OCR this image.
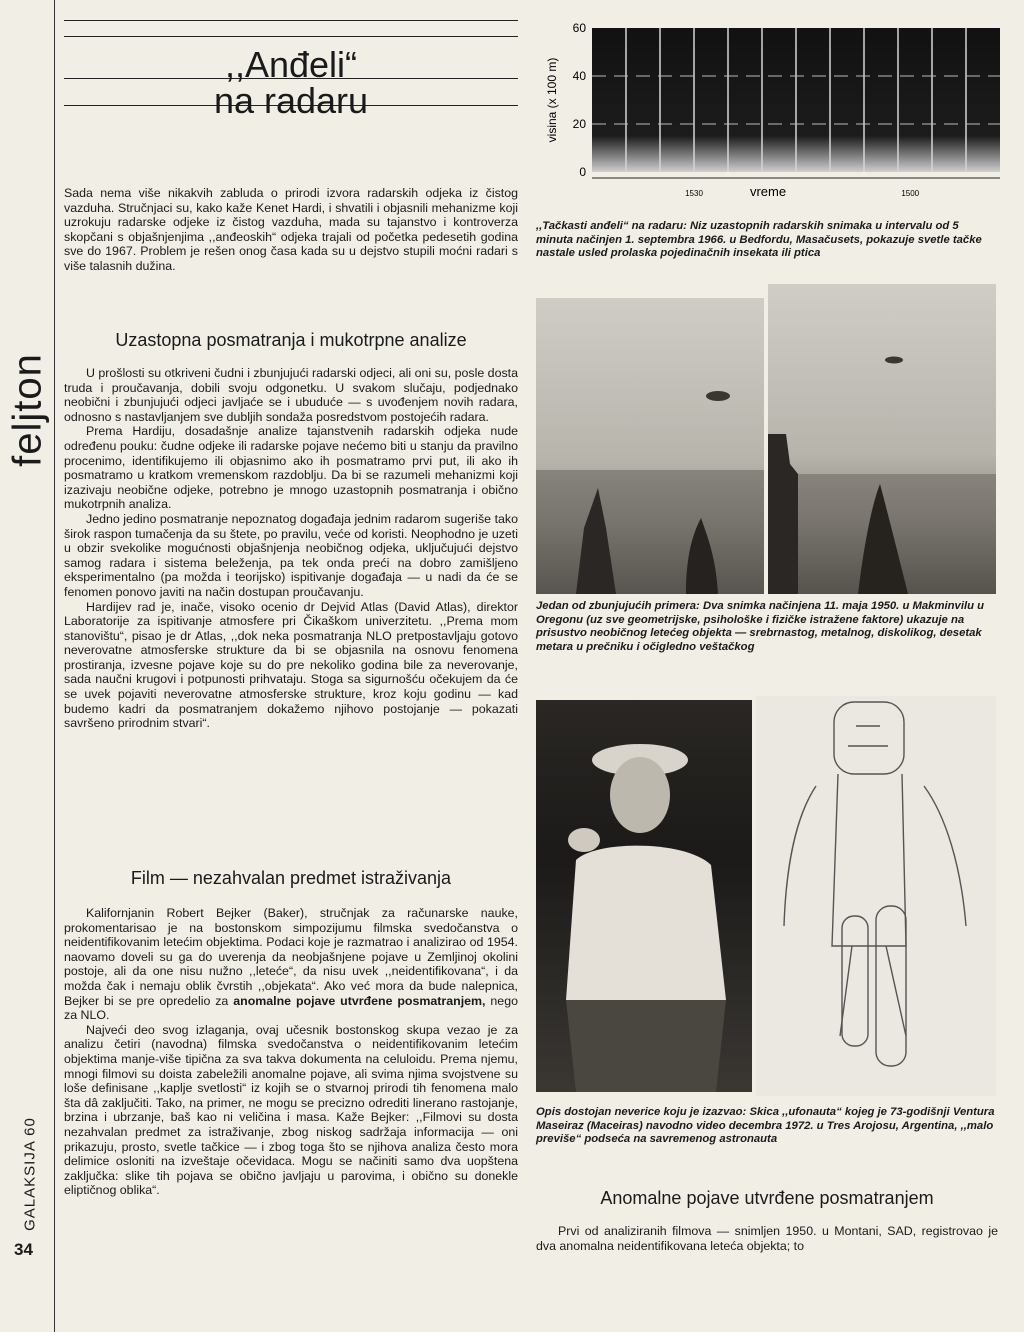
feljton
GALAKSIJA 60
34
,,Anđeli“
na radaru
Sada nema više nikakvih zabluda o prirodi izvora radarskih odjeka iz čistog vazduha. Stručnjaci su, kako kaže Kenet Hardi, i shvatili i objasnili mehanizme koji uzrokuju radarske odjeke iz čistog vazduha, mada su tajanstvo i kontroverza skopčani s objašnjenjima ,,anđeoskih“ odjeka trajali od početka pedesetih godina sve do 1967. Problem je rešen onog časa kada su u dejstvo stupili moćni radari s više talasnih dužina.
Uzastopna posmatranja i mukotrpne analize
U prošlosti su otkriveni čudni i zbunjujući radarski odjeci, ali oni su, posle dosta truda i proučavanja, dobili svoju odgonetku. U svakom slučaju, podjednako neobični i zbunjujući odjeci javljaće se i ubuduće — s uvođenjem novih radara, odnosno s nastavljanjem sve dubljih sondaža posredstvom postojećih radara.
Prema Hardiju, dosadašnje analize tajanstvenih radarskih odjeka nude određenu pouku: čudne odjeke ili radarske pojave nećemo biti u stanju da pravilno procenimo, identifikujemo ili objasnimo ako ih posmatramo prvi put, ili ako ih posmatramo u kratkom vremenskom razdoblju. Da bi se razumeli mehanizmi koji izazivaju neobične odjeke, potrebno je mnogo uzastopnih posmatranja i obično mukotrpnih analiza.
Jedno jedino posmatranje nepoznatog događaja jednim radarom sugeriše tako širok raspon tumačenja da su štete, po pravilu, veće od koristi. Neophodno je uzeti u obzir svekolike mogućnosti objašnjenja neobičnog odjeka, uključujući dejstvo samog radara i sistema beleženja, pa tek onda preći na dobro zamišljeno eksperimentalno (pa možda i teorijsko) ispitivanje događaja — u nadi da će se fenomen ponovo javiti na način dostupan proučavanju.
Hardijev rad je, inače, visoko ocenio dr Dejvid Atlas (David Atlas), direktor Laboratorije za ispitivanje atmosfere pri Čikaškom univerzitetu. ,,Prema mom stanovištu“, pisao je dr Atlas, ,,dok neka posmatranja NLO pretpostavljaju gotovo neverovatne atmosferske strukture da bi se objasnila na osnovu fenomena prostiranja, izvesne pojave koje su do pre nekoliko godina bile za neverovanje, sada naučni krugovi i potpunosti prihvataju. Stoga sa sigurnošću očekujem da će se uvek pojaviti neverovatne atmosferske strukture, kroz koju godinu — kad budemo kadri da posmatranjem dokažemo njihovo postojanje — pokazati savršeno prirodnim stvari“.
Film — nezahvalan predmet istraživanja
Kalifornjanin Robert Bejker (Baker), stručnjak za računarske nauke, prokomentarisao je na bostonskom simpozijumu filmska svedočanstva o neidentifikovanim letećim objektima. Podaci koje je razmatrao i analizirao od 1954. naovamo doveli su ga do uverenja da neobjašnjene pojave u Zemljinoj okolini postoje, ali da one nisu nužno ,,leteće“, da nisu uvek ,,neidentifikovana“, i da možda čak i nemaju oblik čvrstih ,,objekata“. Ako već mora da bude nalepnica, Bejker bi se pre opredelio za anomalne pojave utvrđene posmatranjem, nego za NLO.
Najveći deo svog izlaganja, ovaj učesnik bostonskog skupa vezao je za analizu četiri (navodna) filmska svedočanstva o neidentifikovanim letećim objektima manje-više tipična za sva takva dokumenta na celuloidu. Prema njemu, mnogi filmovi su doista zabeležili anomalne pojave, ali svima njima svojstvene su loše definisane ,,kaplje svetlosti“ iz kojih se o stvarnoj prirodi tih fenomena malo šta dâ zaključiti. Tako, na primer, ne mogu se precizno odrediti linerano rastojanje, brzina i ubrzanje, baš kao ni veličina i masa. Kaže Bejker: ,,Filmovi su dosta nezahvalan predmet za istraživanje, zbog niskog sadržaja informacija — oni prikazuju, prosto, svetle tačkice — i zbog toga što se njihova analiza često mora delimice osloniti na izveštaje očevidaca. Mogu se načiniti samo dva uopštena zaključka: slike tih pojava se obično javljaju u parovima, i obično su donekle eliptičnog oblika“.
0
20
40
60
1530	1500
visina (x 100 m)
vreme
,,Tačkasti anđeli“ na radaru: Niz uzastopnih radarskih snimaka u intervalu od 5 minuta načinjen 1. septembra 1966. u Bedfordu, Masačusets, pokazuje svetle tačke nastale usled prolaska pojedinačnih insekata ili ptica
Jedan od zbunjujućih primera: Dva snimka načinjena 11. maja 1950. u Makminvilu u Oregonu (uz sve geometrijske, psihološke i fizičke istražene faktore) ukazuje na prisustvo neobičnog letećeg objekta — srebrnastog, metalnog, diskolikog, desetak metara u prečniku i očigledno veštačkog
Opis dostojan neverice koju je izazvao: Skica ,,ufonauta“ kojeg je 73-godišnji Ventura Maseiraz (Maceiras) navodno video decembra 1972. u Tres Arojosu, Argentina, ,,malo previše“ podseća na savremenog astronauta
Anomalne pojave utvrđene posmatranjem
Prvi od analiziranih filmova — snimljen 1950. u Montani, SAD, registrovao je dva anomalna neidentifikovana leteća objekta; to
